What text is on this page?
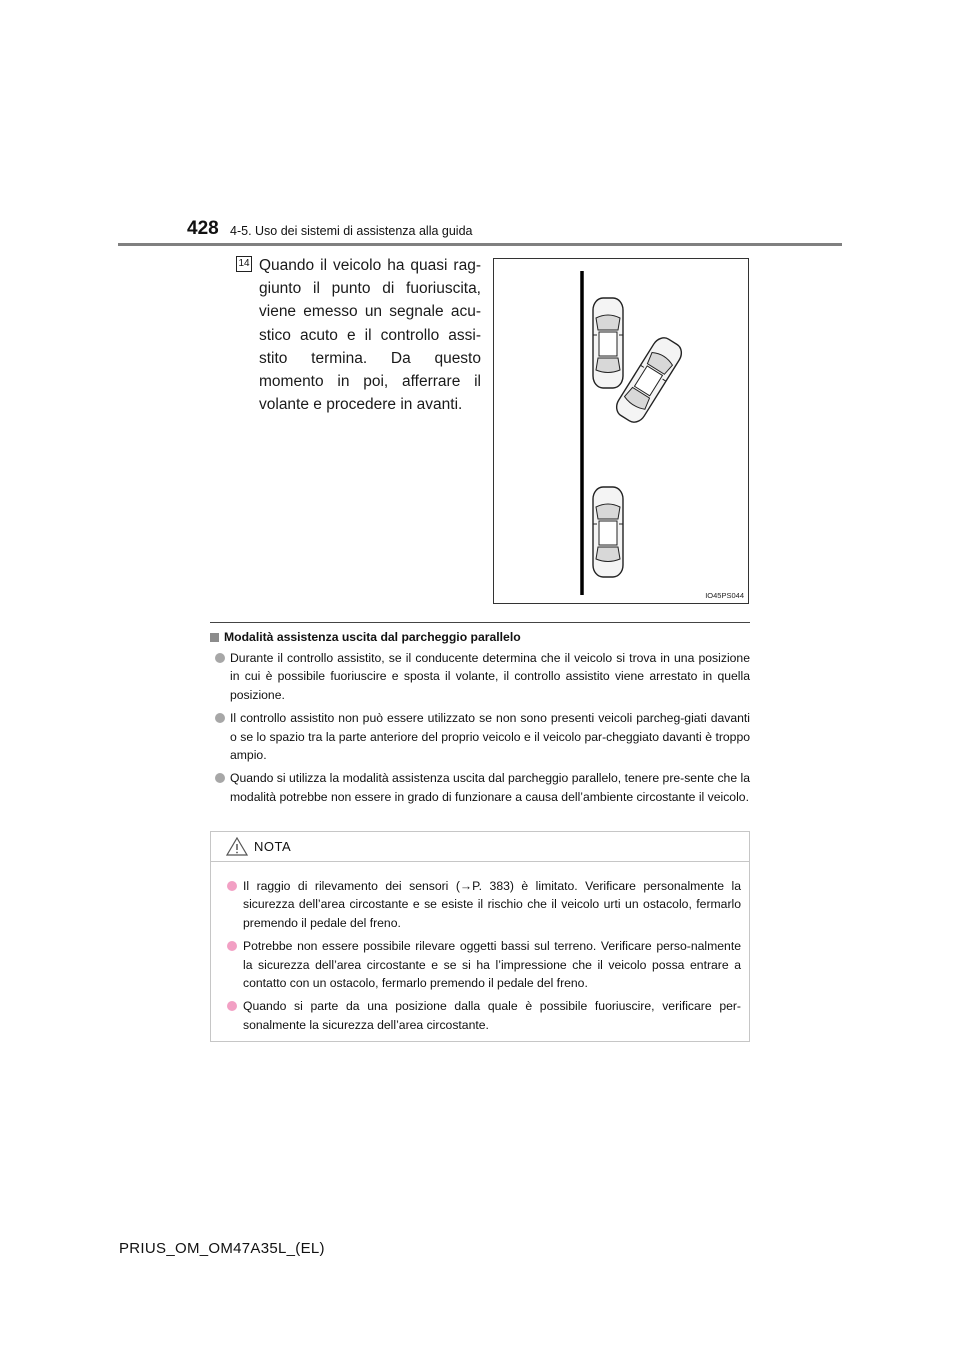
428 4-5. Uso dei sistemi di assistenza alla guida
14 Quando il veicolo ha quasi rag-giunto il punto di fuoriuscita, viene emesso un segnale acu-stico acuto e il controllo assi-stito termina. Da questo momento in poi, afferrare il volante e procedere in avanti.
IO45PS044
Modalità assistenza uscita dal parcheggio parallelo
Durante il controllo assistito, se il conducente determina che il veicolo si trova in una posizione in cui è possibile fuoriuscire e sposta il volante, il controllo assistito viene arrestato in quella posizione.
Il controllo assistito non può essere utilizzato se non sono presenti veicoli parcheg-giati davanti o se lo spazio tra la parte anteriore del proprio veicolo e il veicolo par-cheggiato davanti è troppo ampio.
Quando si utilizza la modalità assistenza uscita dal parcheggio parallelo, tenere pre-sente che la modalità potrebbe non essere in grado di funzionare a causa dell’ambiente circostante il veicolo.
NOTA
Il raggio di rilevamento dei sensori (→P. 383) è limitato. Verificare personalmente la sicurezza dell’area circostante e se esiste il rischio che il veicolo urti un ostacolo, fermarlo premendo il pedale del freno.
Potrebbe non essere possibile rilevare oggetti bassi sul terreno. Verificare perso-nalmente la sicurezza dell’area circostante e se si ha l’impressione che il veicolo possa entrare a contatto con un ostacolo, fermarlo premendo il pedale del freno.
Quando si parte da una posizione dalla quale è possibile fuoriuscire, verificare per-sonalmente la sicurezza dell’area circostante.
PRIUS_OM_OM47A35L_(EL)
